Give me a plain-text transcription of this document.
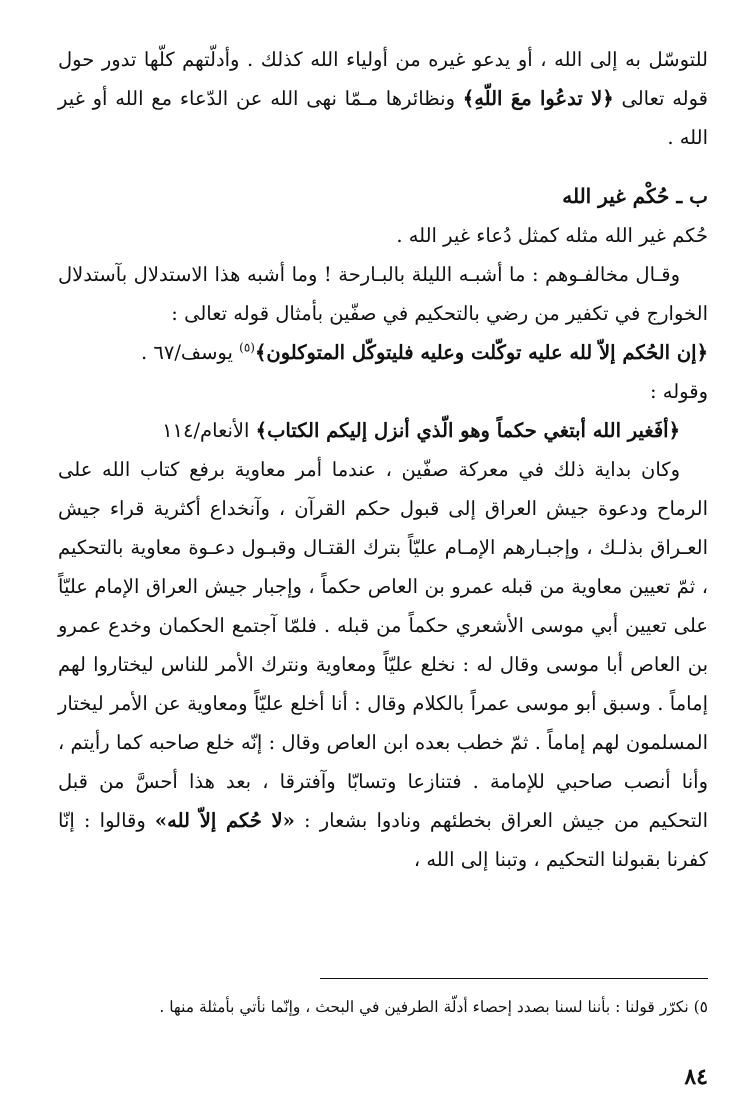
للتوسّل به إلى الله ، أو يدعو غيره من أولياء الله كذلك . وأدلّتهم كلّها تدور حول قوله تعالى ﴿لا تدعُوا معَ اللّهِ﴾ ونظائرها مـمّا نهى الله عن الدّعاء مع الله أو غير الله .

ب ـ حُكْم غير الله

حُكم غير الله مثله كمثل دُعاء غير الله .

وقـال مخالفـوهم : ما أشبـه الليلة بالبـارحة ! وما أشبه هذا الاستدلال بآستدلال الخوارج في تكفير من رضي بالتحكيم في صفّين بأمثال قوله تعالى :

﴿إن الحُكم إلاّ لله عليه توكّلت وعليه فليتوكّل المتوكلون﴾$^{(٥)}$ يوسف/٦٧ .

وقوله :

﴿أفَغير الله أبتغي حكماً وهو الّذي أنزل إليكم الكتاب﴾ الأنعام/١١٤

وكان بداية ذلك في معركة صفّين ، عندما أمر معاوية برفع كتاب الله على الرماح ودعوة جيش العراق إلى قبول حكم القرآن ، وآنخداع أكثرية قراء جيش العـراق بذلـك ، وإجبـارهم الإمـام عليّاً بترك القتـال وقبـول دعـوة معاوية بالتحكيم ، ثمّ تعيين معاوية من قبله عمرو بن العاص حكماً ، وإجبار جيش العراق الإمام عليّاً على تعيين أبي موسى الأشعري حكماً من قبله . فلمّا آجتمع الحكمان وخدع عمرو بن العاص أبا موسى وقال له : نخلع عليّاً ومعاوية ونترك الأمر للناس ليختاروا لهم إماماً . وسبق أبو موسى عمراً بالكلام وقال : أنا أخلع عليّاً ومعاوية عن الأمر ليختار المسلمون لهم إماماً . ثمّ خطب بعده ابن العاص وقال : إنّه خلع صاحبه كما رأيتم ، وأنا أنصب صاحبي للإمامة . فتنازعا وتسابّا وآفترقا ، بعد هذا أحسَّ من قبل التحكيم من جيش العراق بخطئهم ونادوا بشعار : «لا حُكم إلاّ لله» وقالوا : إنّا كفرنا بقبولنا التحكيم ، وتبنا إلى الله ،

٥) نكرّر قولنا : بأننا لسنا بصدد إحصاء أدلّة الطرفين في البحث ، وإنّما نأتي بأمثلة منها .
٨٤
